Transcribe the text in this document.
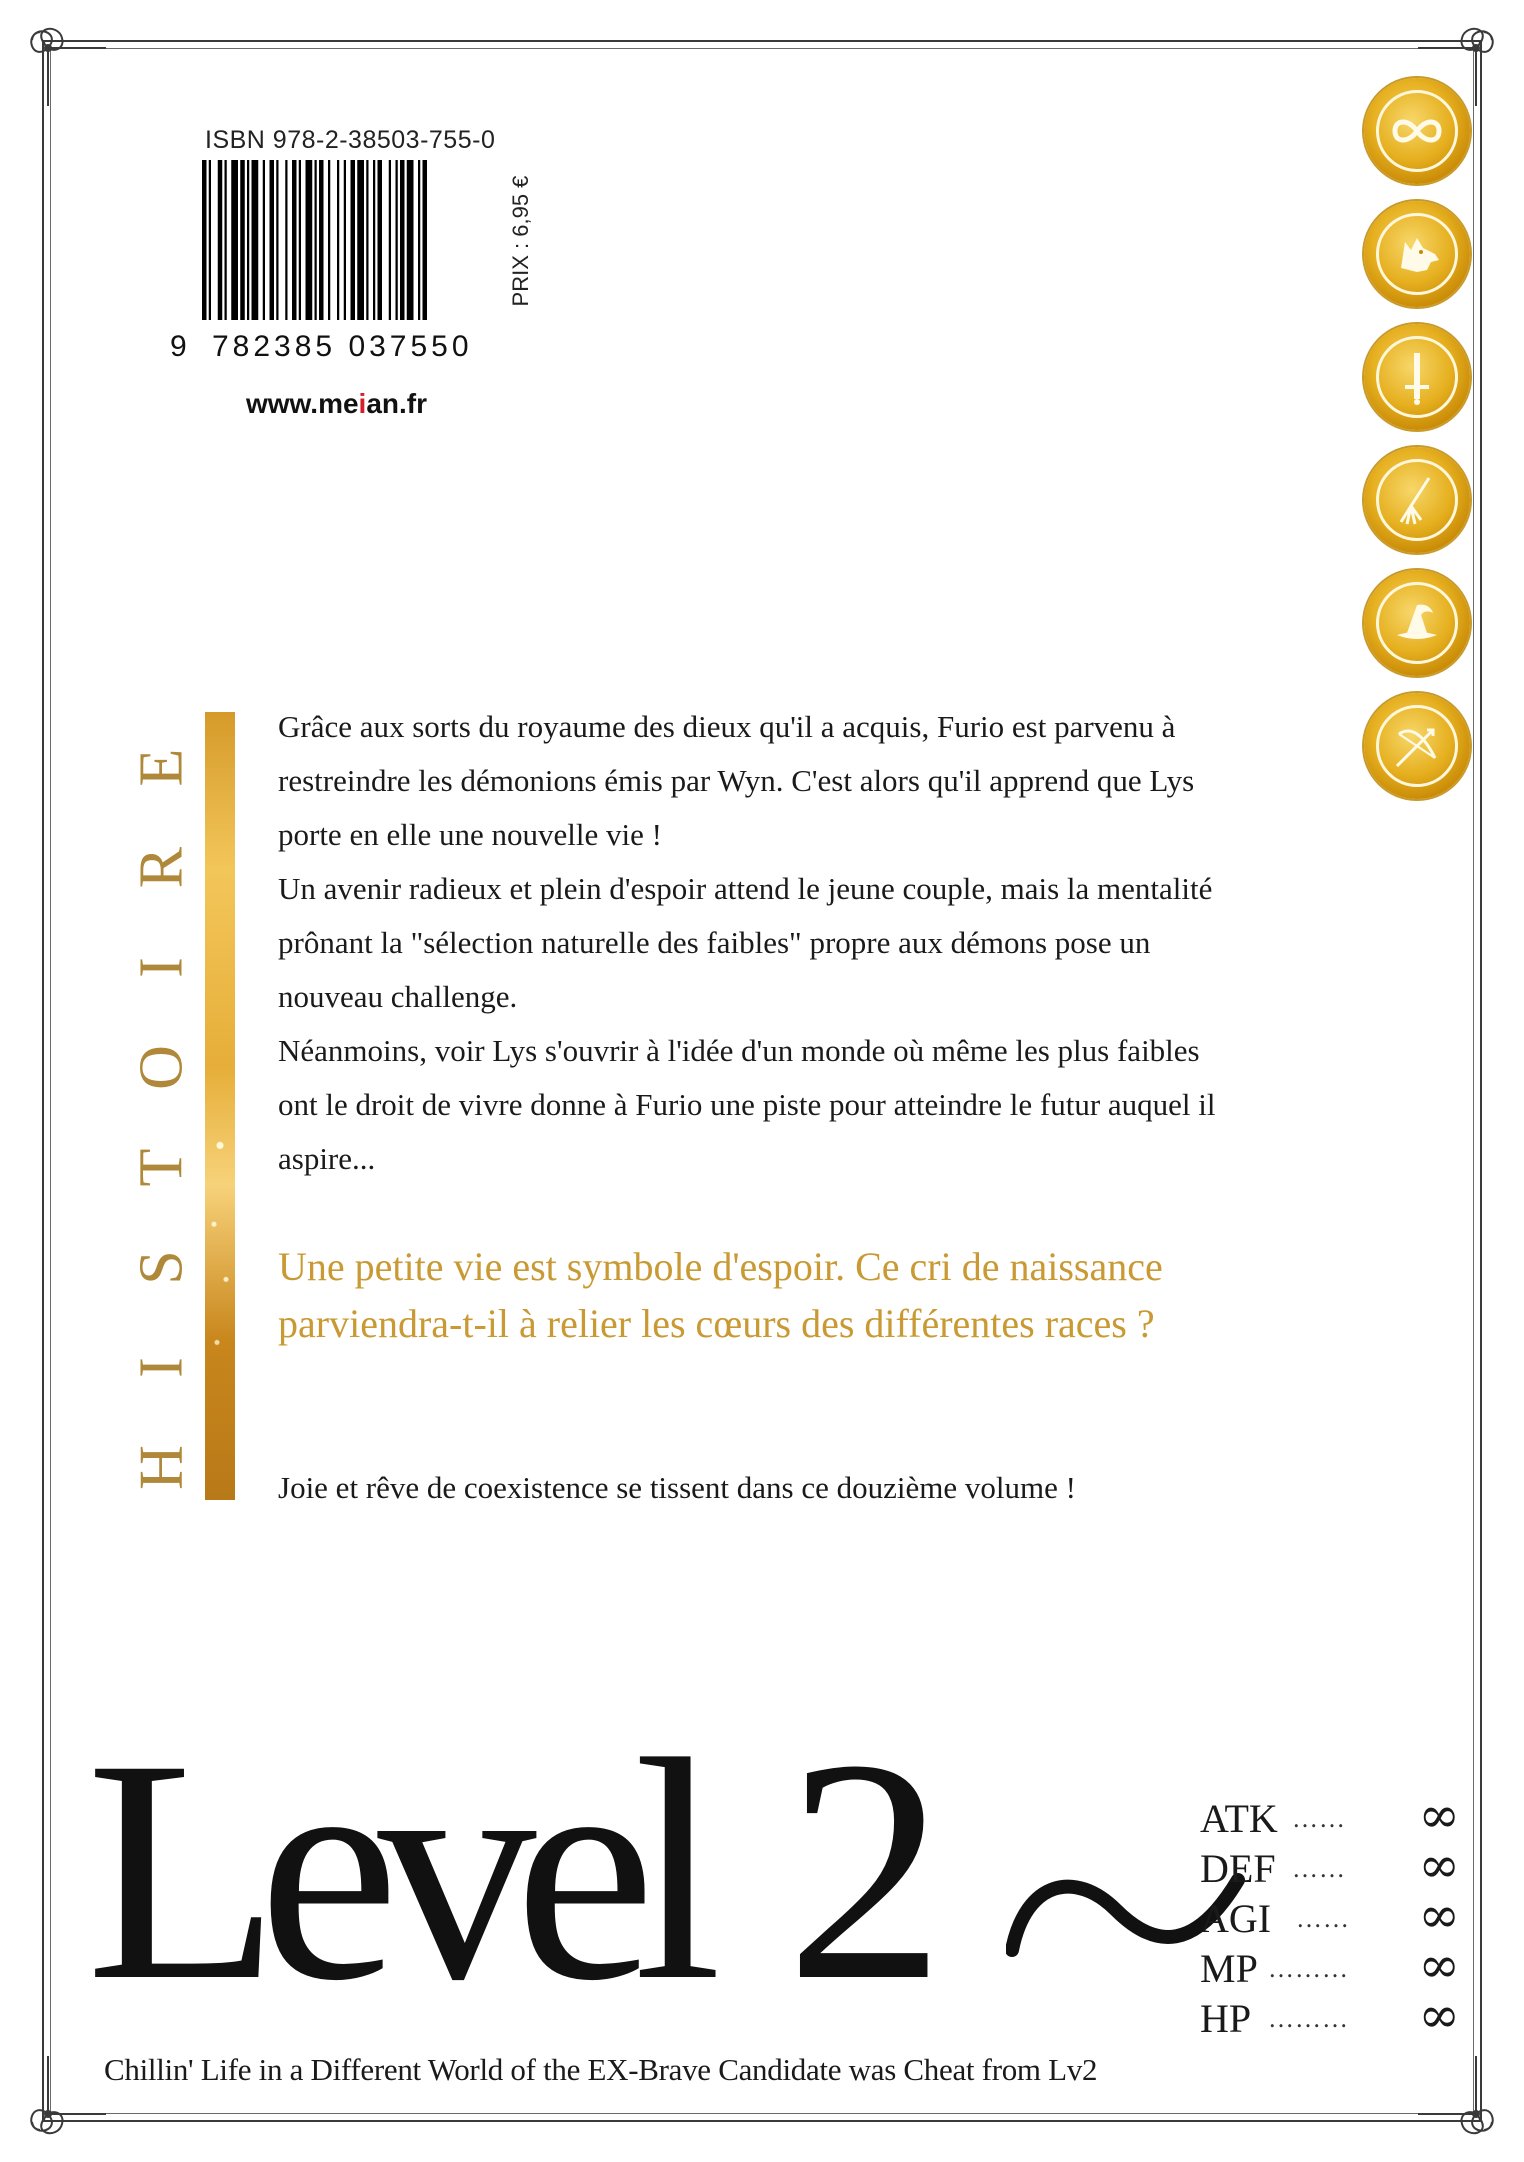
ISBN 978-2-38503-755-0
9 782385 037550
PRIX : 6,95 €
www.meian.fr
H
I
S
T
O
I
R
E

Grâce aux sorts du royaume des dieux qu'il a acquis, Furio est parvenu à restreindre les démonions émis par Wyn. C'est alors qu'il apprend que Lys porte en elle une nouvelle vie !

Un avenir radieux et plein d'espoir attend le jeune couple, mais la mentalité prônant la "sélection naturelle des faibles" propre aux démons pose un nouveau challenge.

Néanmoins, voir Lys s'ouvrir à l'idée d'un monde où même les plus faibles ont le droit de vivre donne à Furio une piste pour atteindre le futur auquel il aspire...

Une petite vie est symbole d'espoir. Ce cri de naissance parviendra-t-il à relier les cœurs des différentes races ?
Joie et rêve de coexistence se tissent dans ce douzième volume !
Level 2
Chillin' Life in a Different World of the EX-Brave Candidate was Cheat from Lv2
ATK …… ∞
DEF …… ∞
AGI …… ∞
MP ……… ∞
HP ……… ∞
